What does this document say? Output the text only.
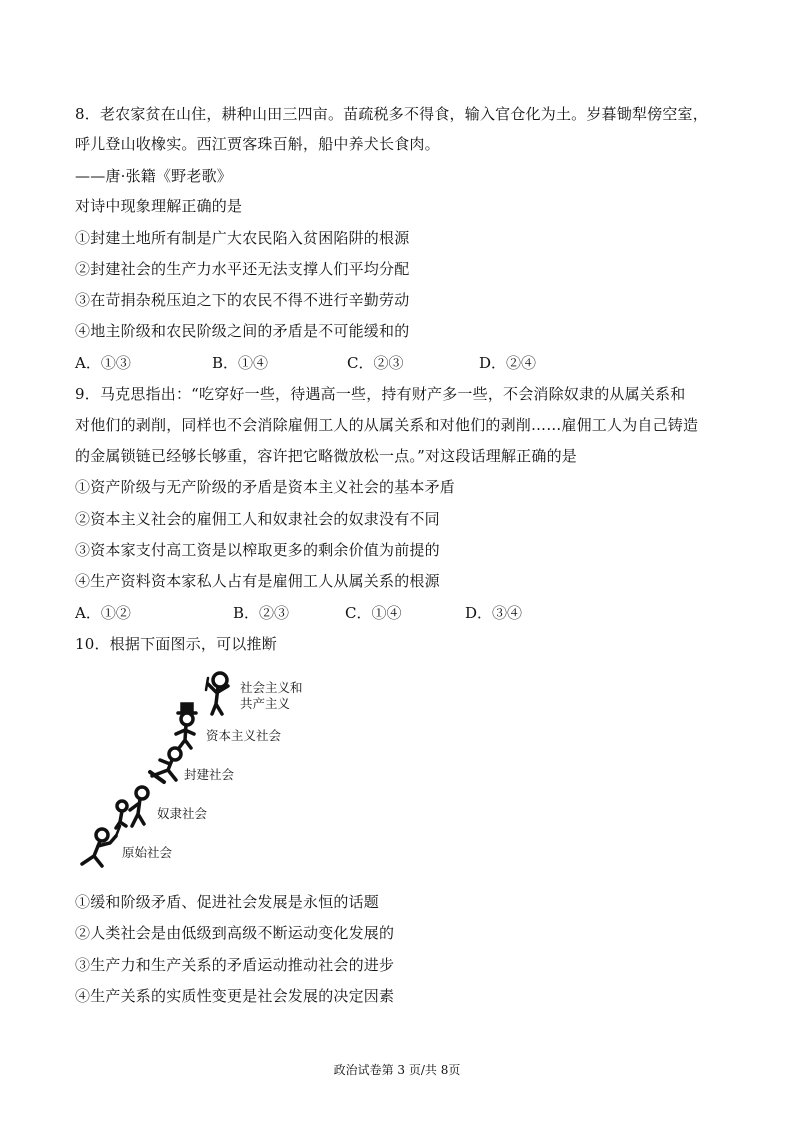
8．老农家贫在山住，耕种山田三四亩。苗疏税多不得食，输入官仓化为土。岁暮锄犁傍空室，
呼儿登山收橡实。西江贾客珠百斛，船中养犬长食肉。
——唐·张籍《野老歌》
对诗中现象理解正确的是
①封建土地所有制是广大农民陷入贫困陷阱的根源
②封建社会的生产力水平还无法支撑人们平均分配
③在苛捐杂税压迫之下的农民不得不进行辛勤劳动
④地主阶级和农民阶级之间的矛盾是不可能缓和的
A．①③	B．①④	C．②③	D．②④
9．马克思指出：“吃穿好一些，待遇高一些，持有财产多一些，不会消除奴隶的从属关系和
对他们的剥削，同样也不会消除雇佣工人的从属关系和对他们的剥削……雇佣工人为自己铸造
的金属锁链已经够长够重，容许把它略微放松一点。”对这段话理解正确的是
①资产阶级与无产阶级的矛盾是资本主义社会的基本矛盾
②资本主义社会的雇佣工人和奴隶社会的奴隶没有不同
③资本家支付高工资是以榨取更多的剩余价值为前提的
④生产资料资本家私人占有是雇佣工人从属关系的根源
A．①②	B．②③	C．①④	D．③④
10．根据下面图示，可以推断
原始社会
奴隶社会
封建社会
资本主义社会
社会主义和
共产主义
①缓和阶级矛盾、促进社会发展是永恒的话题
②人类社会是由低级到高级不断运动变化发展的
③生产力和生产关系的矛盾运动推动社会的进步
④生产关系的实质性变更是社会发展的决定因素
政治试卷第 3 页/共 8页
